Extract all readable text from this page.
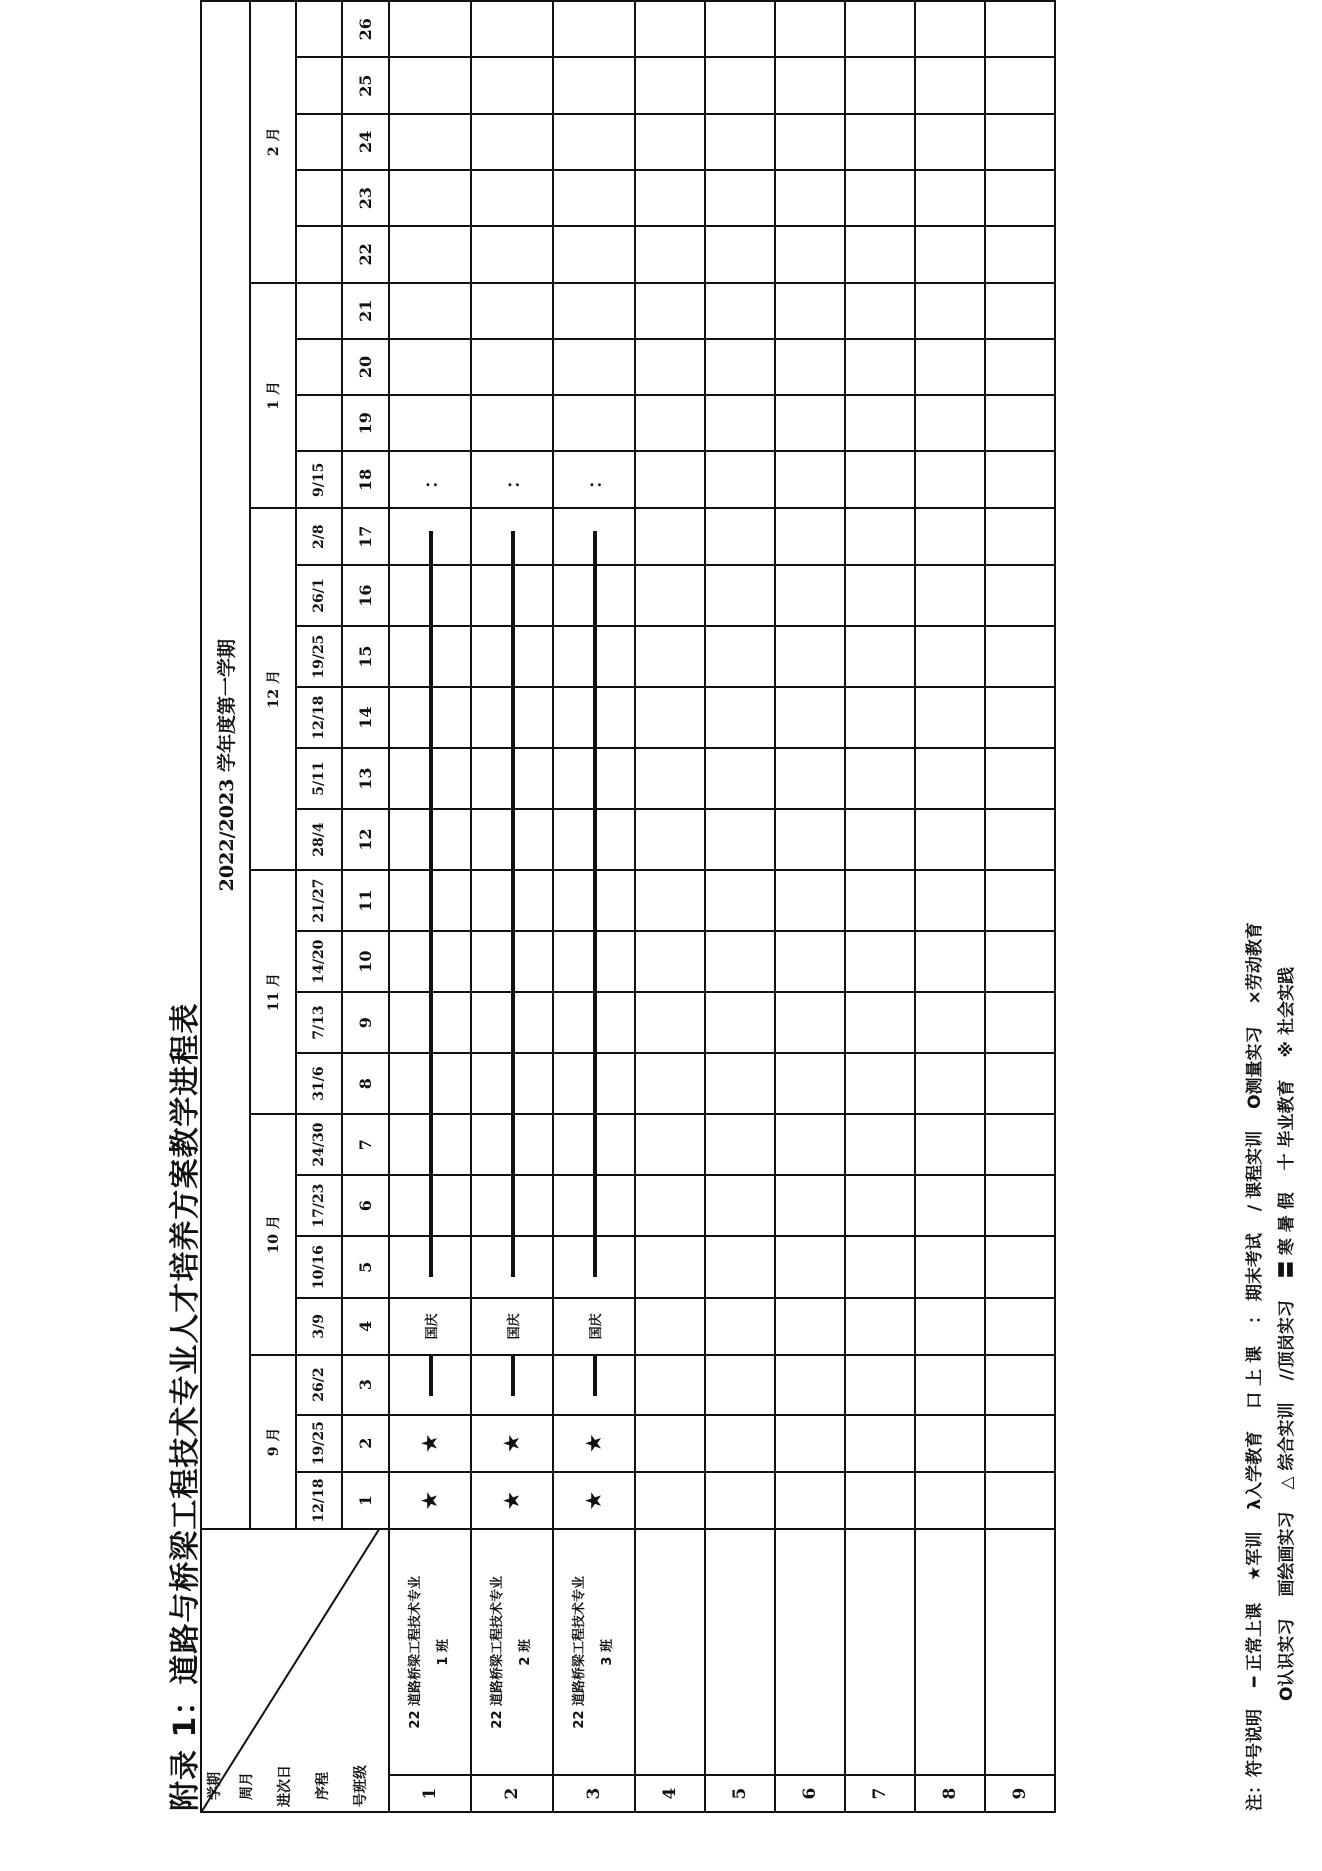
附录 1：道路与桥梁工程技术专业人才培养方案教学进程表 学期 周月 进次日 序程 号班级		2022/2023 学年度第一学期																									
		9 月			10 月				11 月				12 月						1 月				2 月				
		12/18	19/25	26/2	3/9	10/16	17/23	24/30	31/6	7/13	14/20	21/27	28/4	5/11	12/18	19/25	26/1	2/8	9/15								
		1	2	3	4	5	6	7	8	9	10	11	12	13	14	15	16	17	18	19	20	21	22	23	24	25	26
1	22 道路桥梁工程技术专业 1 班	★	★		国庆														：								
2	22 道路桥梁工程技术专业 2 班	★	★		国庆														：								
3	22 道路桥梁工程技术专业 3 班	★	★		国庆														：								
4	

5	

6	

7	

8	

9	
																											注：符号说明━ 正常上课★军训λ入学教育口 上 课： 期末考试/ 课程实训O测量实习×劳动教育
O认识实习画绘画实习△ 综合实训//顶岗实习〓 寒 暑 假十 毕业教育※ 社会实践
